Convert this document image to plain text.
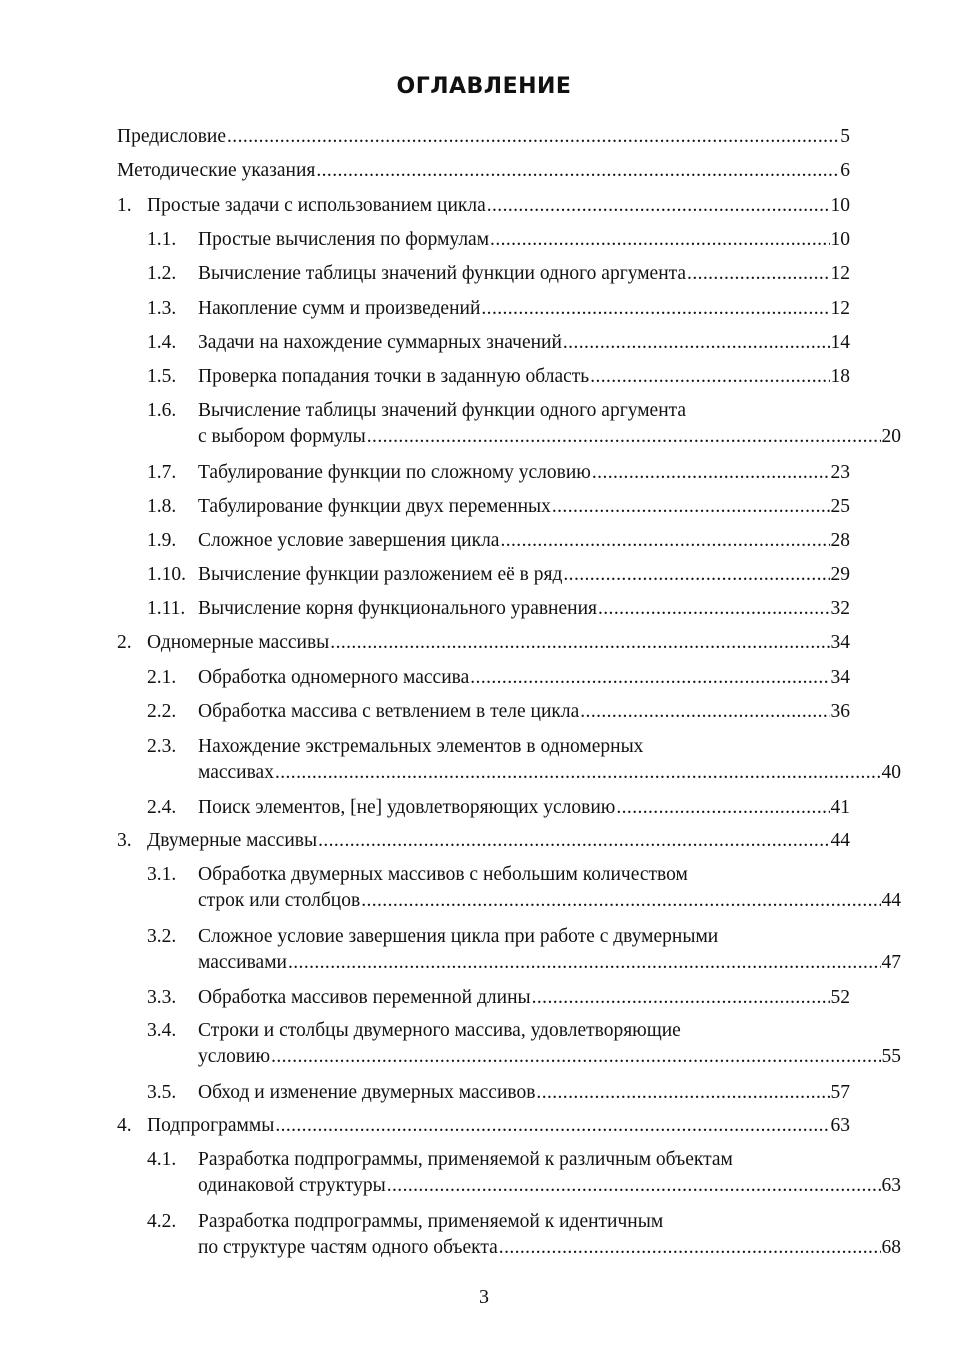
ОГЛАВЛЕНИЕ
Предисловие .....	5
Методические указания .....	6
1. Простые задачи с использованием цикла .....	10
1.1.	Простые вычисления по формулам .....	10
1.2.	Вычисление таблицы значений функции одного аргумента .....	12
1.3.	Накопление сумм и произведений .....	12
1.4.	Задачи на нахождение суммарных значений .....	14
1.5.	Проверка попадания точки в заданную область .....	18
1.6.	Вычисление таблицы значений функции одного аргумента
с выбором формулы .....	20
1.7.	Табулирование функции по сложному условию .....	23
1.8.	Табулирование функции двух переменных .....	25
1.9.	Сложное условие завершения цикла .....	28
1.10. Вычисление функции разложением её в ряд .....	29
1.11. Вычисление корня функционального уравнения .....	32
2. Одномерные массивы .....	34
2.1.	Обработка одномерного массива .....	34
2.2.	Обработка массива с ветвлением в теле цикла .....	36
2.3.	Нахождение экстремальных элементов в одномерных
массивах .....	40
2.4.	Поиск элементов, [не] удовлетворяющих условию .....	41
3. Двумерные массивы .....	44
3.1.	Обработка двумерных массивов с небольшим количеством
строк или столбцов .....	44
3.2.	Сложное условие завершения цикла при работе с двумерными
массивами .....	47
3.3.	Обработка массивов переменной длины .....	52
3.4.	Строки и столбцы двумерного массива, удовлетворяющие
условию .....	55
3.5.	Обход и изменение двумерных массивов .....	57
4. Подпрограммы .....	63
4.1.	Разработка подпрограммы, применяемой к различным объектам
одинаковой структуры .....	63
4.2.	Разработка подпрограммы, применяемой к идентичным
по структуре частям одного объекта .....	68
3
